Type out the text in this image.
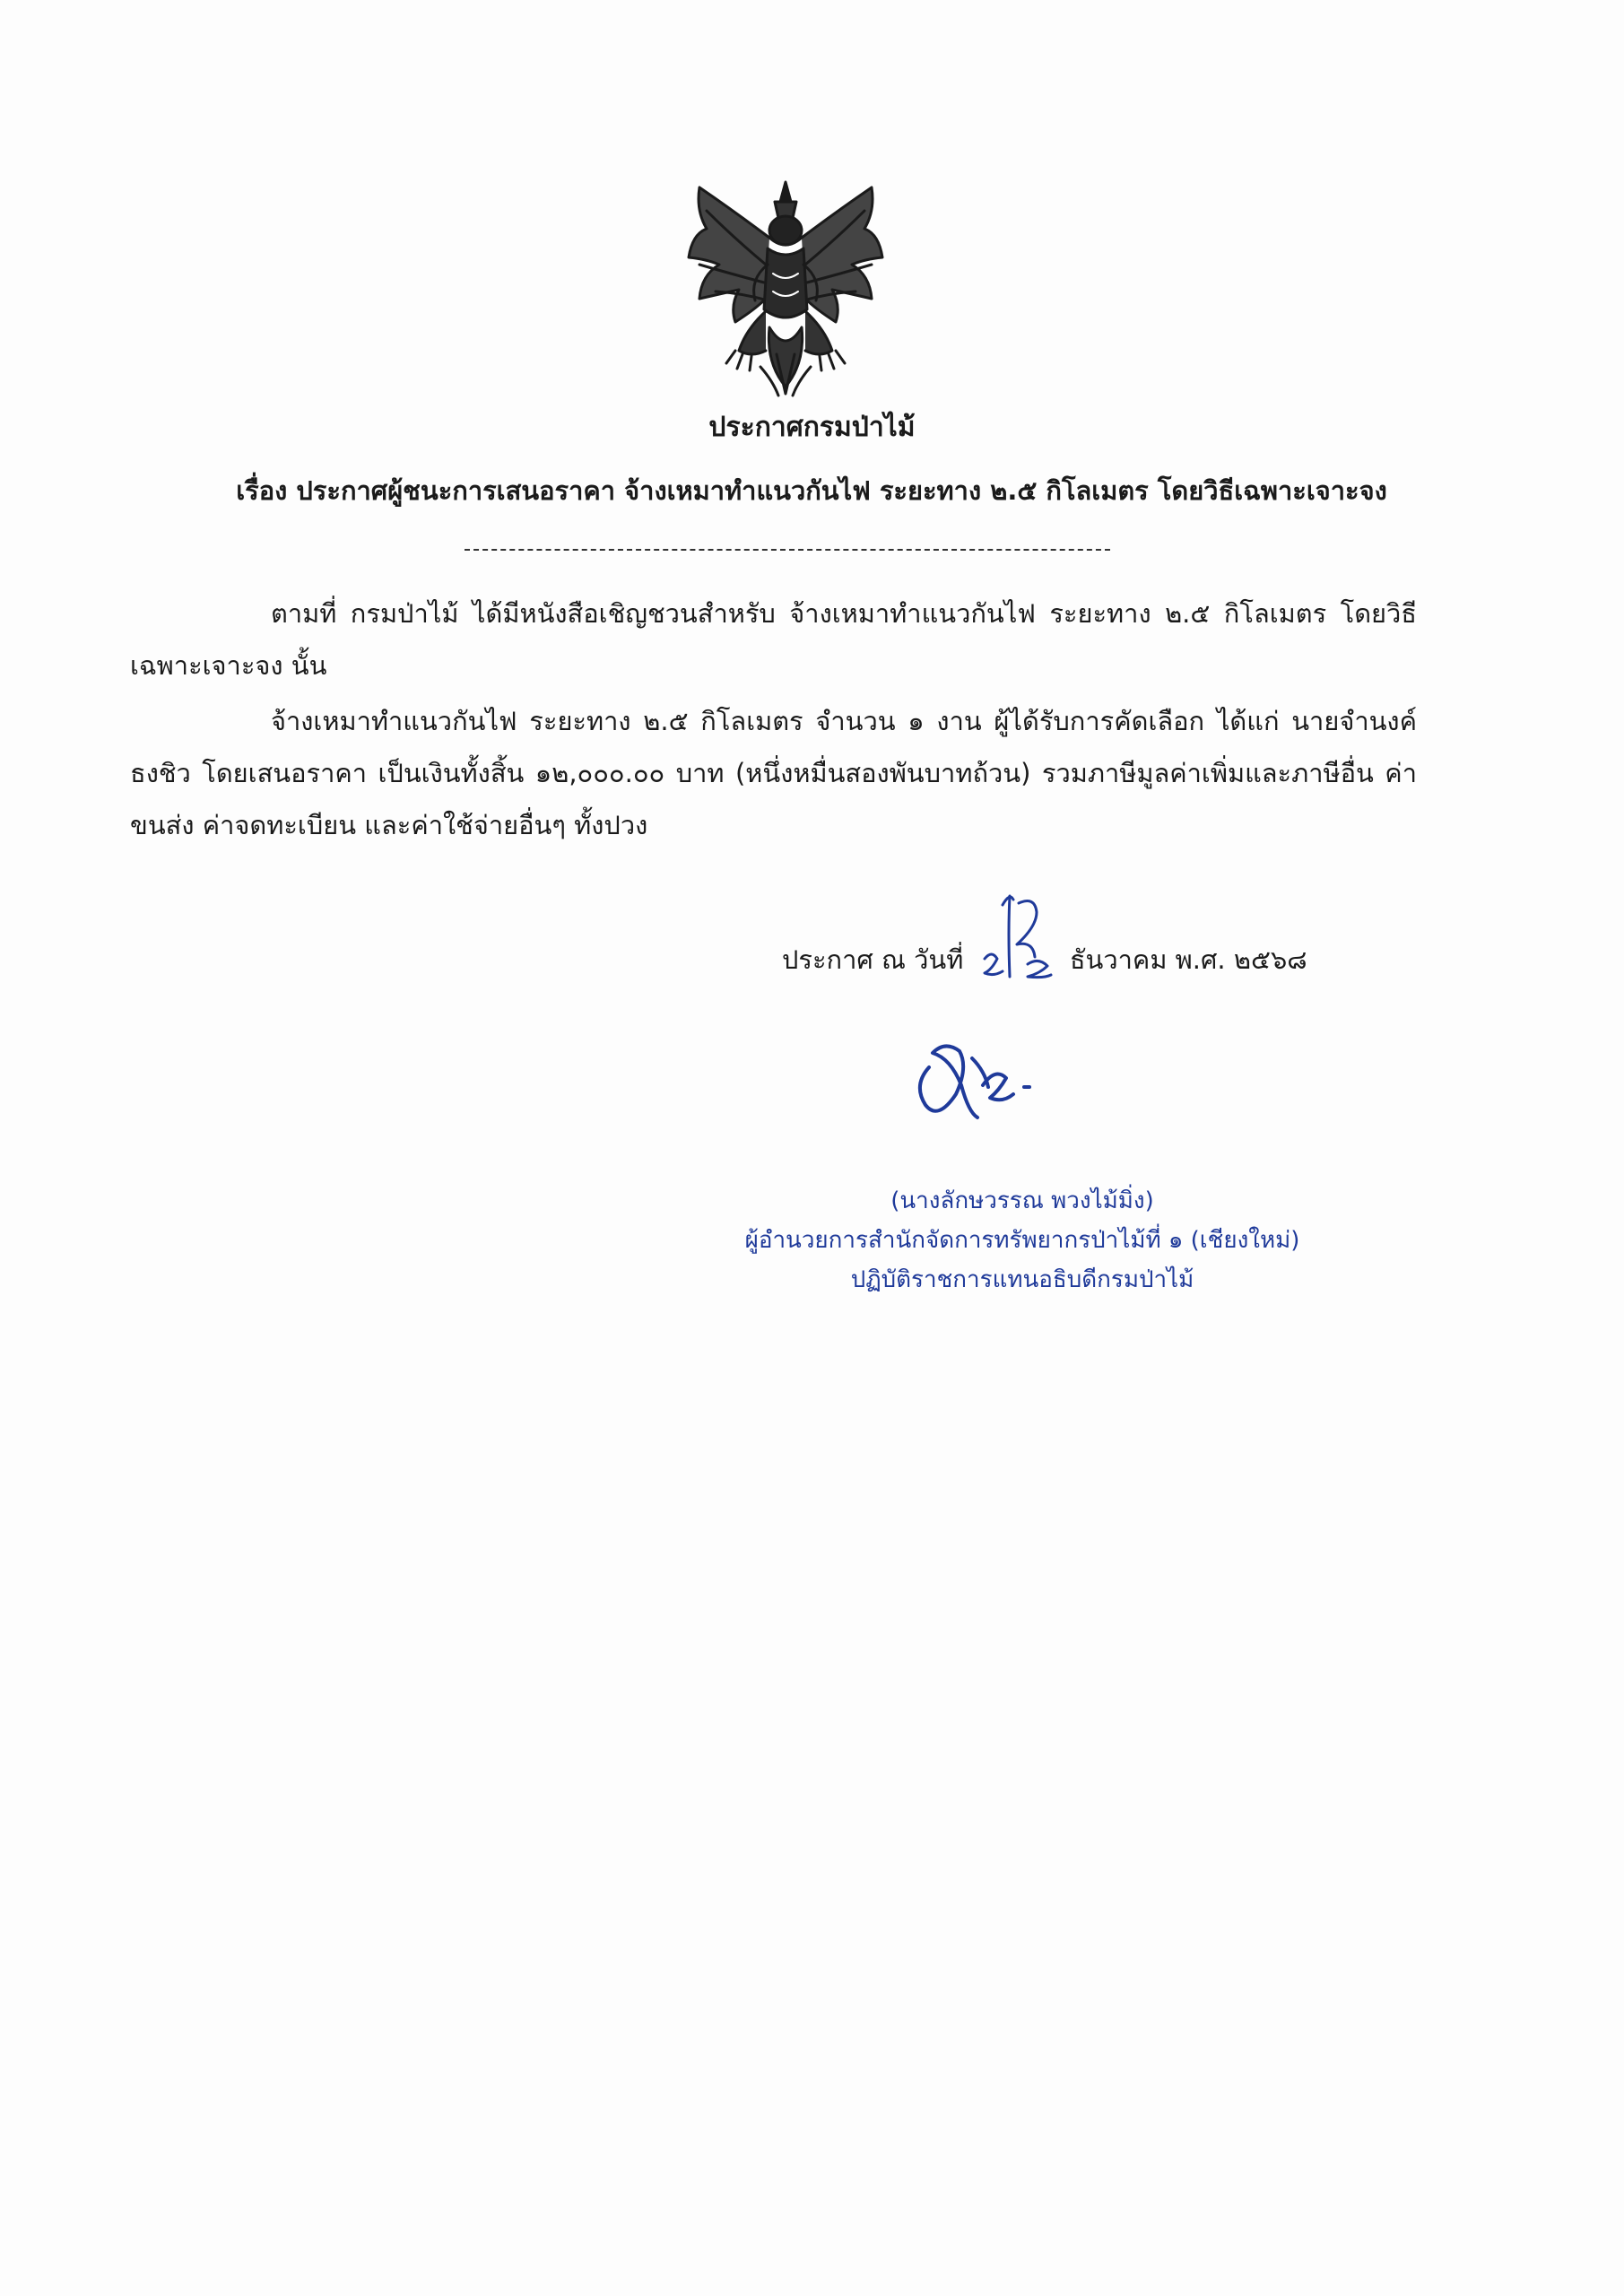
ประกาศกรมป่าไม้
เรื่อง ประกาศผู้ชนะการเสนอราคา จ้างเหมาทำแนวกันไฟ ระยะทาง ๒.๕ กิโลเมตร โดยวิธีเฉพาะเจาะจง

ตามที่ กรมป่าไม้ ได้มีหนังสือเชิญชวนสำหรับ จ้างเหมาทำแนวกันไฟ ระยะทาง ๒.๕ กิโลเมตร โดยวิธีเฉพาะเจาะจง นั้น

จ้างเหมาทำแนวกันไฟ ระยะทาง ๒.๕ กิโลเมตร จำนวน ๑ งาน ผู้ได้รับการคัดเลือก ได้แก่ นายจำนงค์ ธงชิว โดยเสนอราคา เป็นเงินทั้งสิ้น ๑๒,๐๐๐.๐๐ บาท (หนึ่งหมื่นสองพันบาทถ้วน) รวมภาษีมูลค่าเพิ่มและภาษีอื่น ค่าขนส่ง ค่าจดทะเบียน และค่าใช้จ่ายอื่นๆ ทั้งปวง

ประกาศ ณ วันที่	ธันวาคม พ.ศ. ๒๕๖๘
(นางลักษวรรณ พวงไม้มิ่ง)
ผู้อำนวยการสำนักจัดการทรัพยากรป่าไม้ที่ ๑ (เชียงใหม่)
ปฏิบัติราชการแทนอธิบดีกรมป่าไม้
